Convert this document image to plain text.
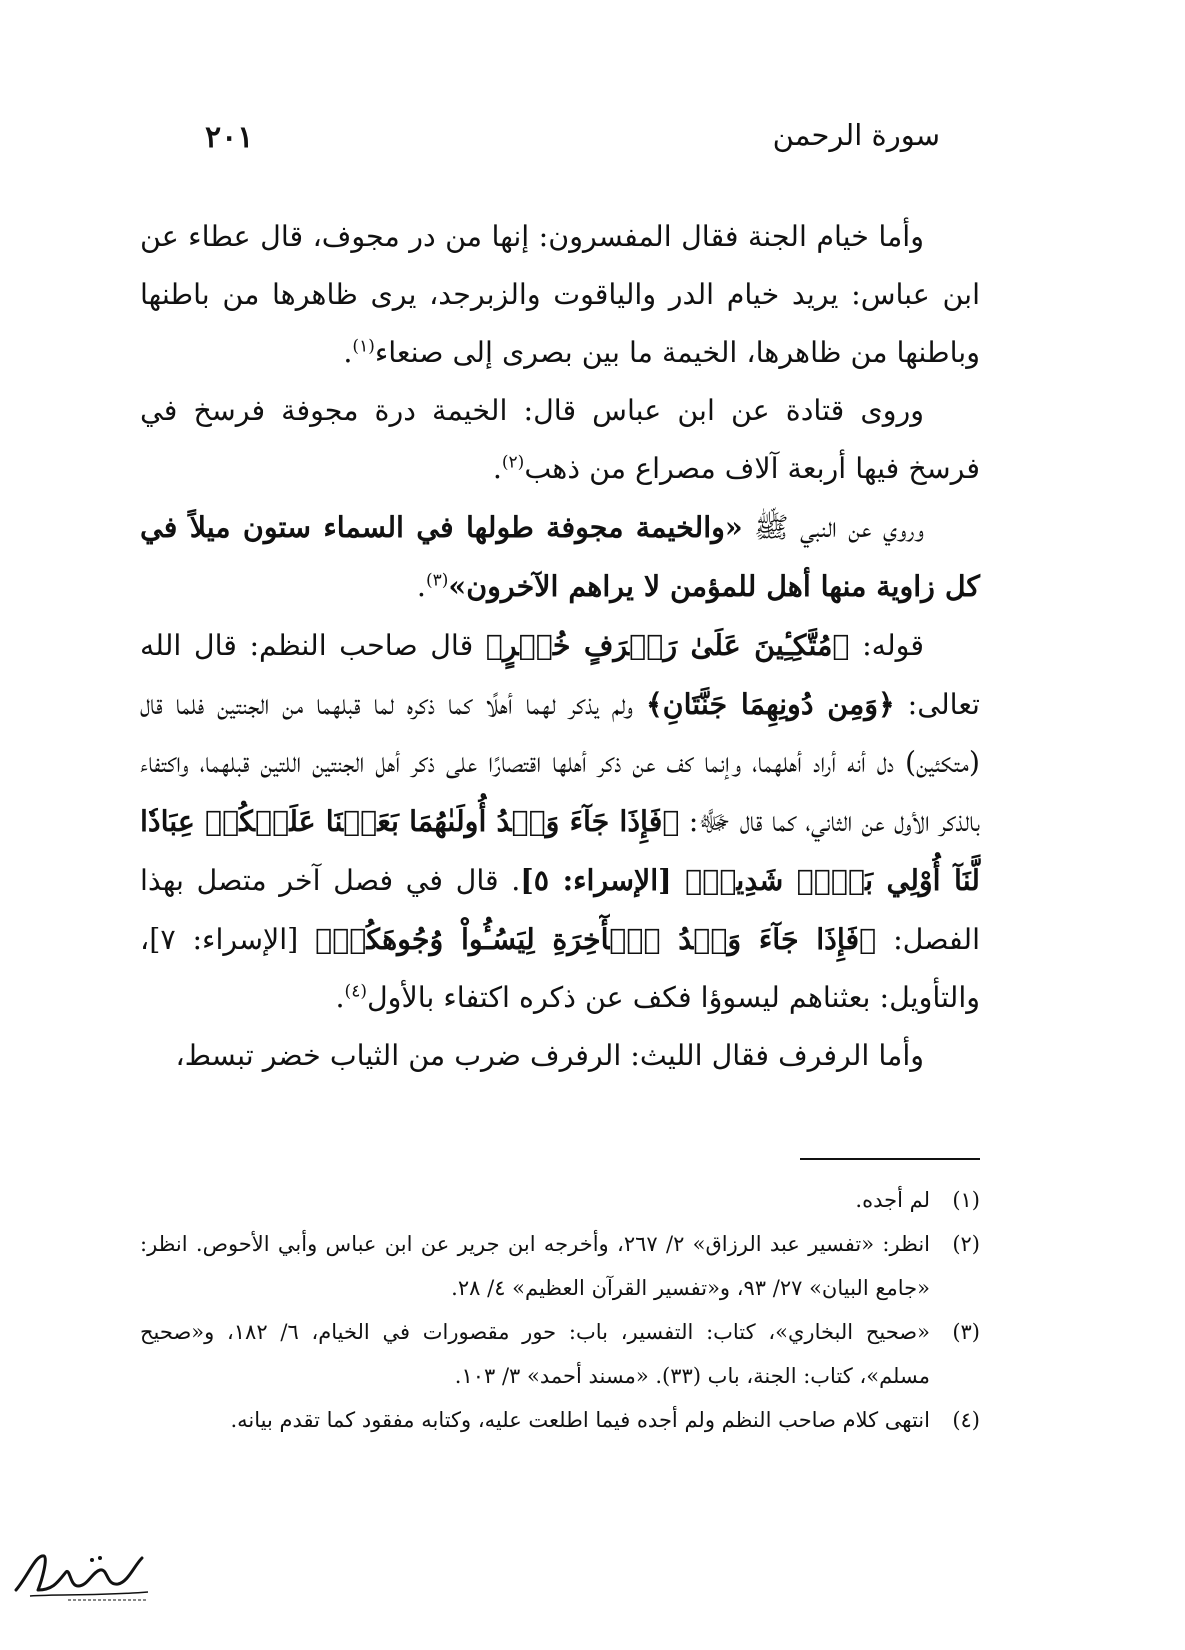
سورة الرحمن
٢٠١

وأما خيام الجنة فقال المفسرون: إنها من در مجوف، قال عطاء عن ابن عباس: يريد خيام الدر والياقوت والزبرجد، يرى ظاهرها من باطنها وباطنها من ظاهرها، الخيمة ما بين بصرى إلى صنعاء$^{(١)}$.

وروى قتادة عن ابن عباس قال: الخيمة درة مجوفة فرسخ في فرسخ فيها أربعة آلاف مصراع من ذهب$^{(٢)}$.

وروي عن النبي ﷺ «والخيمة مجوفة طولها في السماء ستون ميلاً في كل زاوية منها أهل للمؤمن لا يراهم الآخرون»$^{(٣)}$.

قوله: ﴿مُتَّكِـِٔينَ عَلَىٰ رَفۡرَفٍ خُضۡرٍ﴾ قال صاحب النظم: قال الله تعالى: ﴿وَمِن دُونِهِمَا جَنَّتَانِ﴾ ولم يذكر لهما أهلًا كما ذكره لما قبلهما من الجنتين فلما قال (متكئين) دل أنه أراد أهلهما، وإنما كف عن ذكر أهلها اقتصارًا على ذكر أهل الجنتين اللتين قبلهما، واكتفاء بالذكر الأول عن الثاني، كما قال ﷻ: ﴿فَإِذَا جَآءَ وَعۡدُ أُولَىٰهُمَا بَعَثۡنَا عَلَيۡكُمۡ عِبَادٗا لَّنَآ أُوْلِي بَأۡسٖ شَدِيدٖ﴾ [الإسراء: ٥]. قال في فصل آخر متصل بهذا الفصل: ﴿فَإِذَا جَآءَ وَعۡدُ ٱلۡأٓخِرَةِ لِيَسُـُٔواْ وُجُوهَكُمۡ﴾ [الإسراء: ٧]، والتأويل: بعثناهم ليسوؤا فكف عن ذكره اكتفاء بالأول$^{(٤)}$.

وأما الرفرف فقال الليث: الرفرف ضرب من الثياب خضر تبسط،

(١)
لم أجده.
(٢)
انظر: «تفسير عبد الرزاق» ٢/ ٢٦٧، وأخرجه ابن جرير عن ابن عباس وأبي الأحوص. انظر: «جامع البيان» ٢٧/ ٩٣، و«تفسير القرآن العظيم» ٤/ ٢٨.
(٣)
«صحيح البخاري»، كتاب: التفسير، باب: حور مقصورات في الخيام، ٦/ ١٨٢، و«صحيح مسلم»، كتاب: الجنة، باب (٣٣). «مسند أحمد» ٣/ ١٠٣.
(٤)
انتهى كلام صاحب النظم ولم أجده فيما اطلعت عليه، وكتابه مفقود كما تقدم بيانه.
